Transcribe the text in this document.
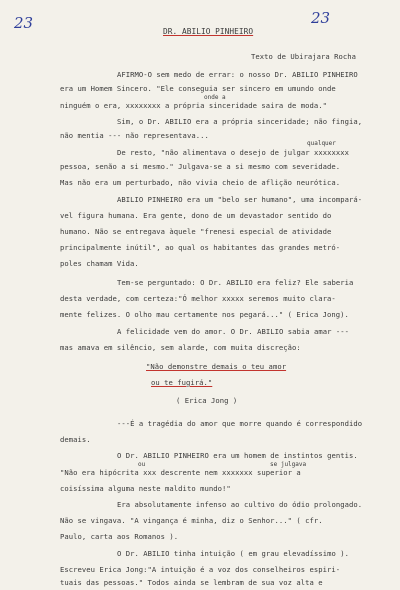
23	23
DR. ABILIO PINHEIRO
Texto de Ubirajara Rocha
AFIRMO-O sem medo de errar: o nosso Dr. ABILIO PINHEIRO
era um Homem Sincero. "Ele conseguia ser sincero em umundo onde
onde a
ninguém o era, xxxxxxxx a própria sinceridade saira de moda."
Sim, o Dr. ABILIO era a própria sinceridade; não fingia,
não mentia --- não representava...
qualquer
De resto, "não alimentava o desejo de julgar xxxxxxxx
pessoa, senão a si mesmo." Julgava-se a si mesmo com severidade.
Mas não era um perturbado, não vivia cheio de aflição neurótica.
ABILIO PINHEIRO era um "belo ser humano", uma incompará-
vel figura humana. Era gente, dono de um devastador sentido do
humano. Não se entregava àquele "frenesi especial de atividade
principalmente inútil", ao qual os habitantes das grandes metró-
poles chamam Vida.
Tem-se perguntado: O Dr. ABILIO era feliz? Ele saberia
desta verdade, com certeza:"Ó melhor xxxxx seremos muito clara-
mente felizes. O olho mau certamente nos pegará..." ( Erica Jong).
A felicidade vem do amor. O Dr. ABILIO sabia amar ---
mas amava em silêncio, sem alarde, com muita discreção:
"Não demonstre demais o teu amor
ou te fugirá."
( Erica Jong )
---É a tragédia do amor que morre quando é correspondido
demais.
O Dr. ABILIO PINHEIRO era um homem de instintos gentis.
ou	se julgava
"Não era hipócrita xxx descrente nem xxxxxxx superior a
coisíssima alguma neste maldito mundo!"
Era absolutamente infenso ao cultivo do ódio prolongado.
Não se vingava. "A vingança é minha, diz o Senhor..." ( cfr.
Paulo, carta aos Romanos ).
O Dr. ABILIO tinha intuição ( em grau elevadíssimo ).
Escreveu Erica Jong:"A intuição é a voz dos conselheiros espiri-
tuais das pessoas." Todos ainda se lembram de sua voz alta e
